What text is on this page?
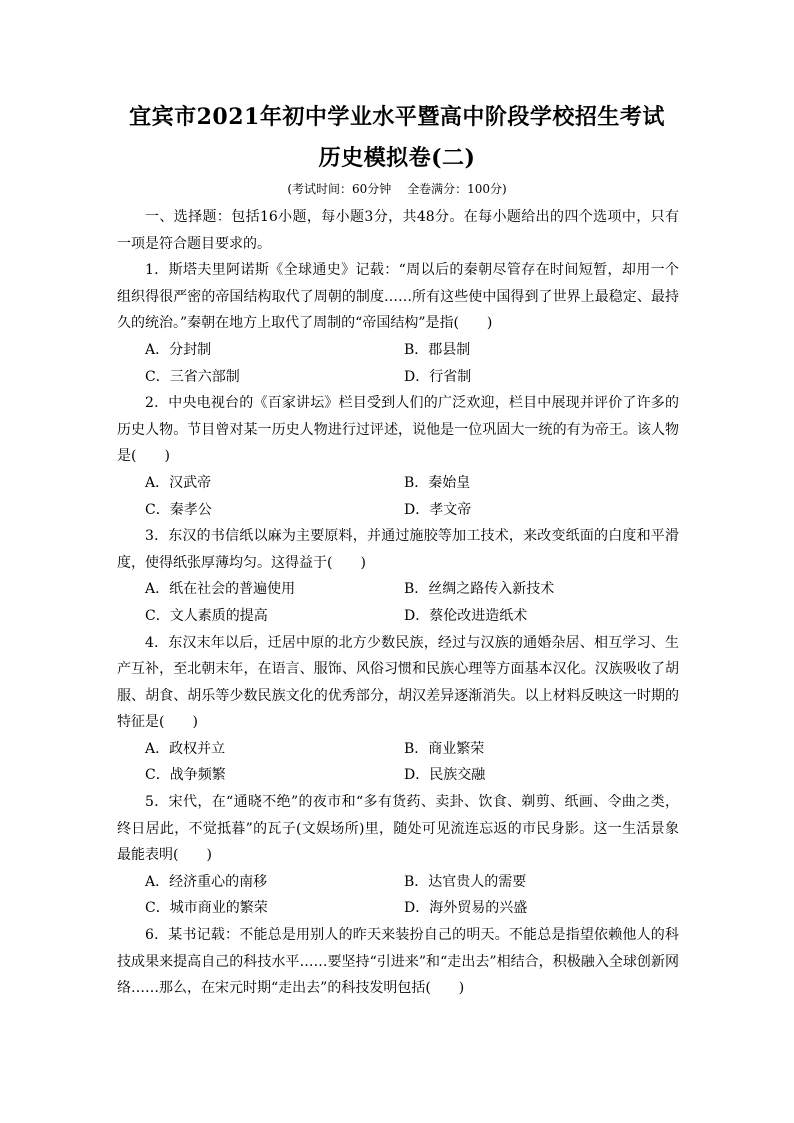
宜宾市2021年初中学业水平暨高中阶段学校招生考试
历史模拟卷(二)
(考试时间：60分钟 全卷满分：100分)

一、选择题：包括16小题，每小题3分，共48分。在每小题给出的四个选项中，只有一项是符合题目要求的。

1．斯塔夫里阿诺斯《全球通史》记载：“周以后的秦朝尽管存在时间短暂，却用一个组织得很严密的帝国结构取代了周朝的制度……所有这些使中国得到了世界上最稳定、最持久的统治。”秦朝在地方上取代了周制的“帝国结构”是指(　　)

A．分封制	B．郡县制

C．三省六部制	D．行省制

2．中央电视台的《百家讲坛》栏目受到人们的广泛欢迎，栏目中展现并评价了许多的历史人物。节目曾对某一历史人物进行过评述，说他是一位巩固大一统的有为帝王。该人物是(　　)

A．汉武帝	B．秦始皇

C．秦孝公	D．孝文帝

3．东汉的书信纸以麻为主要原料，并通过施胶等加工技术，来改变纸面的白度和平滑度，使得纸张厚薄均匀。这得益于(　　)

A．纸在社会的普遍使用	B．丝绸之路传入新技术

C．文人素质的提高	D．蔡伦改进造纸术

4．东汉末年以后，迁居中原的北方少数民族，经过与汉族的通婚杂居、相互学习、生产互补，至北朝末年，在语言、服饰、风俗习惯和民族心理等方面基本汉化。汉族吸收了胡服、胡食、胡乐等少数民族文化的优秀部分，胡汉差异逐渐消失。以上材料反映这一时期的特征是(　　)

A．政权并立	B．商业繁荣

C．战争频繁	D．民族交融

5．宋代，在“通晓不绝”的夜市和“多有货药、卖卦、饮食、剃剪、纸画、令曲之类，终日居此，不觉抵暮”的瓦子(文娱场所)里，随处可见流连忘返的市民身影。这一生活景象最能表明(　　)

A．经济重心的南移	B．达官贵人的需要

C．城市商业的繁荣	D．海外贸易的兴盛

6．某书记载：不能总是用别人的昨天来装扮自己的明天。不能总是指望依赖他人的科技成果来提高自己的科技水平……要坚持“引进来”和“走出去”相结合，积极融入全球创新网络……那么，在宋元时期“走出去”的科技发明包括(　　)
